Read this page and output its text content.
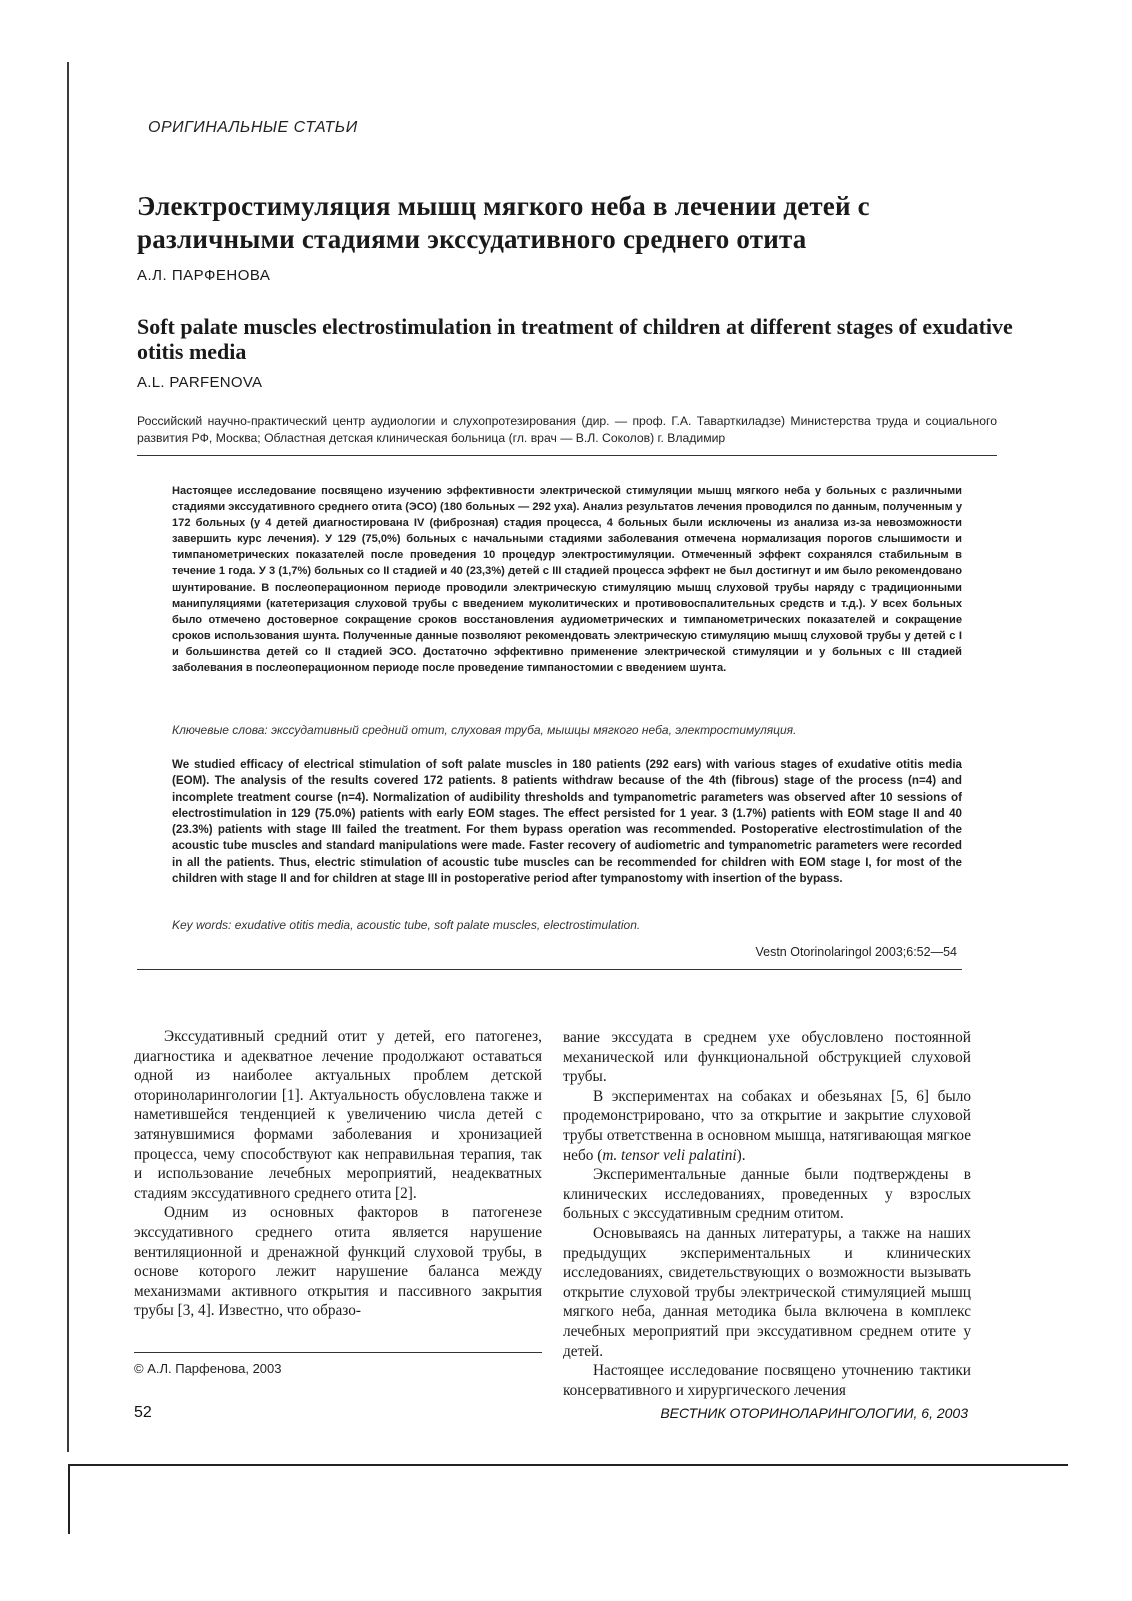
ОРИГИНАЛЬНЫЕ СТАТЬИ
Электростимуляция мышц мягкого неба в лечении детей с различными стадиями экссудативного среднего отита
А.Л. ПАРФЕНОВА
Soft palate muscles electrostimulation in treatment of children at different stages of exudative otitis media
A.L. PARFENOVA
Российский научно-практический центр аудиологии и слухопротезирования (дир. — проф. Г.А. Таварткиладзе) Министерства труда и социального развития РФ, Москва; Областная детская клиническая больница (гл. врач — В.Л. Соколов) г. Владимир
Настоящее исследование посвящено изучению эффективности электрической стимуляции мышц мягкого неба у больных с различными стадиями экссудативного среднего отита (ЭСО) (180 больных — 292 уха). Анализ результатов лечения проводился по данным, полученным у 172 больных (у 4 детей диагностирована IV (фиброзная) стадия процесса, 4 больных были исключены из анализа из-за невозможности завершить курс лечения). У 129 (75,0%) больных с начальными стадиями заболевания отмечена нормализация порогов слышимости и тимпанометрических показателей после проведения 10 процедур электростимуляции. Отмеченный эффект сохранялся стабильным в течение 1 года. У 3 (1,7%) больных со II стадией и 40 (23,3%) детей с III стадией процесса эффект не был достигнут и им было рекомендовано шунтирование. В послеоперационном периоде проводили электрическую стимуляцию мышц слуховой трубы наряду с традиционными манипуляциями (катетеризация слуховой трубы с введением муколитических и противовоспалительных средств и т.д.). У всех больных было отмечено достоверное сокращение сроков восстановления аудиометрических и тимпанометрических показателей и сокращение сроков использования шунта. Полученные данные позволяют рекомендовать электрическую стимуляцию мышц слуховой трубы у детей с I и большинства детей со II стадией ЭСО. Достаточно эффективно применение электрической стимуляции и у больных с III стадией заболевания в послеоперационном периоде после проведение тимпаностомии с введением шунта.
Ключевые слова: экссудативный средний отит, слуховая труба, мышцы мягкого неба, электростимуляция.
We studied efficacy of electrical stimulation of soft palate muscles in 180 patients (292 ears) with various stages of exudative otitis media (EOM). The analysis of the results covered 172 patients. 8 patients withdraw because of the 4th (fibrous) stage of the process (n=4) and incomplete treatment course (n=4). Normalization of audibility thresholds and tympanometric parameters was observed after 10 sessions of electrostimulation in 129 (75.0%) patients with early EOM stages. The effect persisted for 1 year. 3 (1.7%) patients with EOM stage II and 40 (23.3%) patients with stage III failed the treatment. For them bypass operation was recommended. Postoperative electrostimulation of the acoustic tube muscles and standard manipulations were made. Faster recovery of audiometric and tympanometric parameters were recorded in all the patients. Thus, electric stimulation of acoustic tube muscles can be recommended for children with EOM stage I, for most of the children with stage II and for children at stage III in postoperative period after tympanostomy with insertion of the bypass.
Key words: exudative otitis media, acoustic tube, soft palate muscles, electrostimulation.
Vestn Otorinolaringol 2003;6:52—54

Экссудативный средний отит у детей, его патогенез, диагностика и адекватное лечение продолжают оставаться одной из наиболее актуальных проблем детской оториноларингологии [1]. Актуальность обусловлена также и наметившейся тенденцией к увеличению числа детей с затянувшимися формами заболевания и хронизацией процесса, чему способствуют как неправильная терапия, так и использование лечебных мероприятий, неадекватных стадиям экссудативного среднего отита [2].

Одним из основных факторов в патогенезе экссудативного среднего отита является нарушение вентиляционной и дренажной функций слуховой трубы, в основе которого лежит нарушение баланса между механизмами активного открытия и пассивного закрытия трубы [3, 4]. Известно, что образо-

вание экссудата в среднем ухе обусловлено постоянной механической или функциональной обструкцией слуховой трубы.

В экспериментах на собаках и обезьянах [5, 6] было продемонстрировано, что за открытие и закрытие слуховой трубы ответственна в основном мышца, натягивающая мягкое небо (m. tensor veli palatini).

Экспериментальные данные были подтверждены в клинических исследованиях, проведенных у взрослых больных с экссудативным средним отитом.

Основываясь на данных литературы, а также на наших предыдущих экспериментальных и клинических исследованиях, свидетельствующих о возможности вызывать открытие слуховой трубы электрической стимуляцией мышц мягкого неба, данная методика была включена в комплекс лечебных мероприятий при экссудативном среднем отите у детей.

Настоящее исследование посвящено уточнению тактики консервативного и хирургического лечения

© А.Л. Парфенова, 2003
52	ВЕСТНИК ОТОРИНОЛАРИНГОЛОГИИ, 6, 2003
